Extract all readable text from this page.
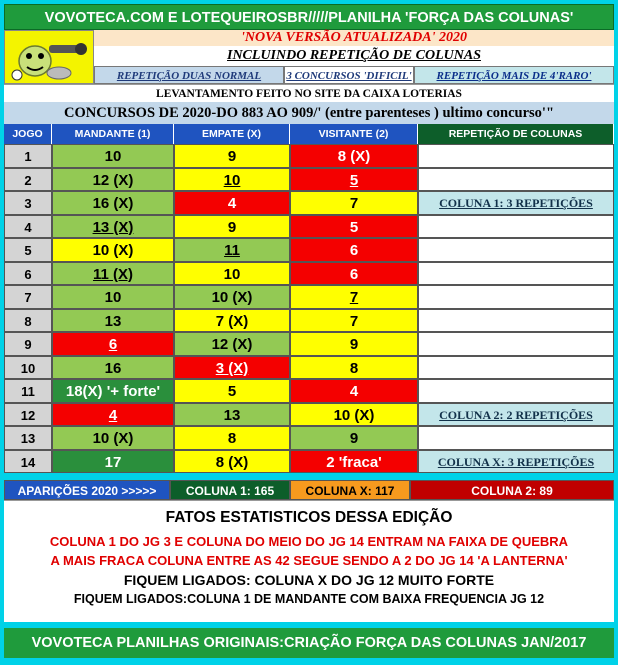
VOVOTECA.COM E LOTEQUEIROSBR/////PLANILHA 'FORÇA DAS COLUNAS'
'NOVA VERSÃO ATUALIZADA' 2020
INCLUINDO REPETIÇÃO DE COLUNAS
REPETIÇÃO DUAS NORMAL	3 CONCURSOS 'DIFICIL'	REPETIÇÃO MAIS DE 4'RARO'
LEVANTAMENTO FEITO NO SITE DA CAIXA LOTERIAS
CONCURSOS DE 2020-DO 883 AO 909/' (entre parenteses ) ultimo concurso'"
JOGO	MANDANTE (1)	EMPATE (X)	VISITANTE (2)	REPETIÇÃO DE COLUNAS
1	10	9	8 (X)
2	12 (X)	10	5
3	16 (X)	4	7	COLUNA 1: 3 REPETIÇÕES
4	13 (X)	9	5
5	10 (X)	11	6
6	11 (X)	10	6
7	10	10 (X)	7
8	13	7 (X)	7
9	6	12 (X)	9
10	16	3 (X)	8
11	18(X) '+ forte'	5	4
12	4	13	10 (X)	COLUNA 2: 2 REPETIÇÕES
13	10 (X)	8	9
14	17	8 (X)	2 'fraca'	COLUNA X: 3 REPETIÇÕES
APARIÇÕES 2020 >>>>>	COLUNA 1: 165	COLUNA X: 117	COLUNA 2: 89
FATOS ESTATISTICOS DESSA EDIÇÃO
COLUNA 1 DO JG 3 E COLUNA DO MEIO DO JG 14 ENTRAM NA FAIXA DE QUEBRA
A MAIS FRACA COLUNA ENTRE AS 42 SEGUE SENDO A 2 DO JG 14 'A LANTERNA'
FIQUEM LIGADOS: COLUNA X DO JG 12 MUITO FORTE
FIQUEM LIGADOS:COLUNA 1 DE MANDANTE COM BAIXA FREQUENCIA JG 12
VOVOTECA PLANILHAS ORIGINAIS:CRIAÇÃO FORÇA DAS COLUNAS JAN/2017
